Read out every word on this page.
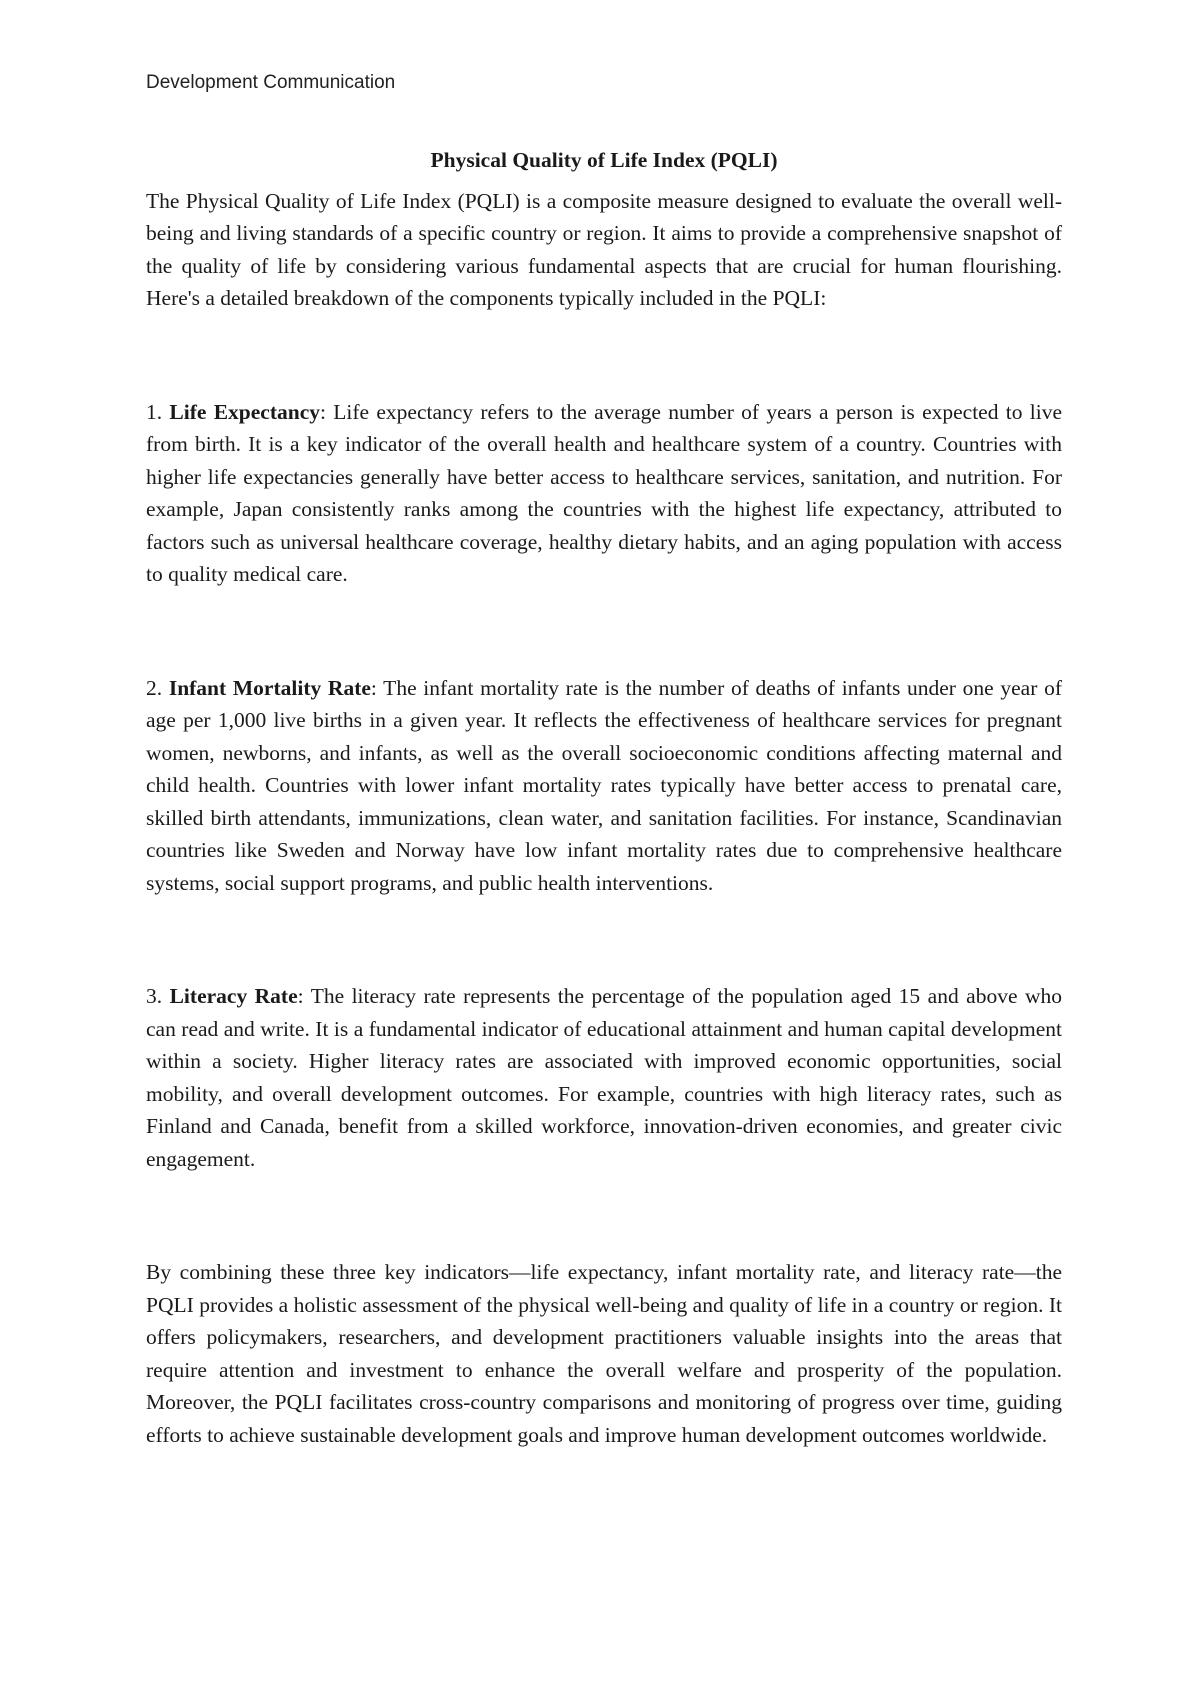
Development Communication
Physical Quality of Life Index (PQLI)

The Physical Quality of Life Index (PQLI) is a composite measure designed to evaluate the overall well-being and living standards of a specific country or region. It aims to provide a comprehensive snapshot of the quality of life by considering various fundamental aspects that are crucial for human flourishing. Here's a detailed breakdown of the components typically included in the PQLI:

1. Life Expectancy: Life expectancy refers to the average number of years a person is expected to live from birth. It is a key indicator of the overall health and healthcare system of a country. Countries with higher life expectancies generally have better access to healthcare services, sanitation, and nutrition. For example, Japan consistently ranks among the countries with the highest life expectancy, attributed to factors such as universal healthcare coverage, healthy dietary habits, and an aging population with access to quality medical care.

2. Infant Mortality Rate: The infant mortality rate is the number of deaths of infants under one year of age per 1,000 live births in a given year. It reflects the effectiveness of healthcare services for pregnant women, newborns, and infants, as well as the overall socioeconomic conditions affecting maternal and child health. Countries with lower infant mortality rates typically have better access to prenatal care, skilled birth attendants, immunizations, clean water, and sanitation facilities. For instance, Scandinavian countries like Sweden and Norway have low infant mortality rates due to comprehensive healthcare systems, social support programs, and public health interventions.

3. Literacy Rate: The literacy rate represents the percentage of the population aged 15 and above who can read and write. It is a fundamental indicator of educational attainment and human capital development within a society. Higher literacy rates are associated with improved economic opportunities, social mobility, and overall development outcomes. For example, countries with high literacy rates, such as Finland and Canada, benefit from a skilled workforce, innovation-driven economies, and greater civic engagement.

By combining these three key indicators—life expectancy, infant mortality rate, and literacy rate—the PQLI provides a holistic assessment of the physical well-being and quality of life in a country or region. It offers policymakers, researchers, and development practitioners valuable insights into the areas that require attention and investment to enhance the overall welfare and prosperity of the population. Moreover, the PQLI facilitates cross-country comparisons and monitoring of progress over time, guiding efforts to achieve sustainable development goals and improve human development outcomes worldwide.
